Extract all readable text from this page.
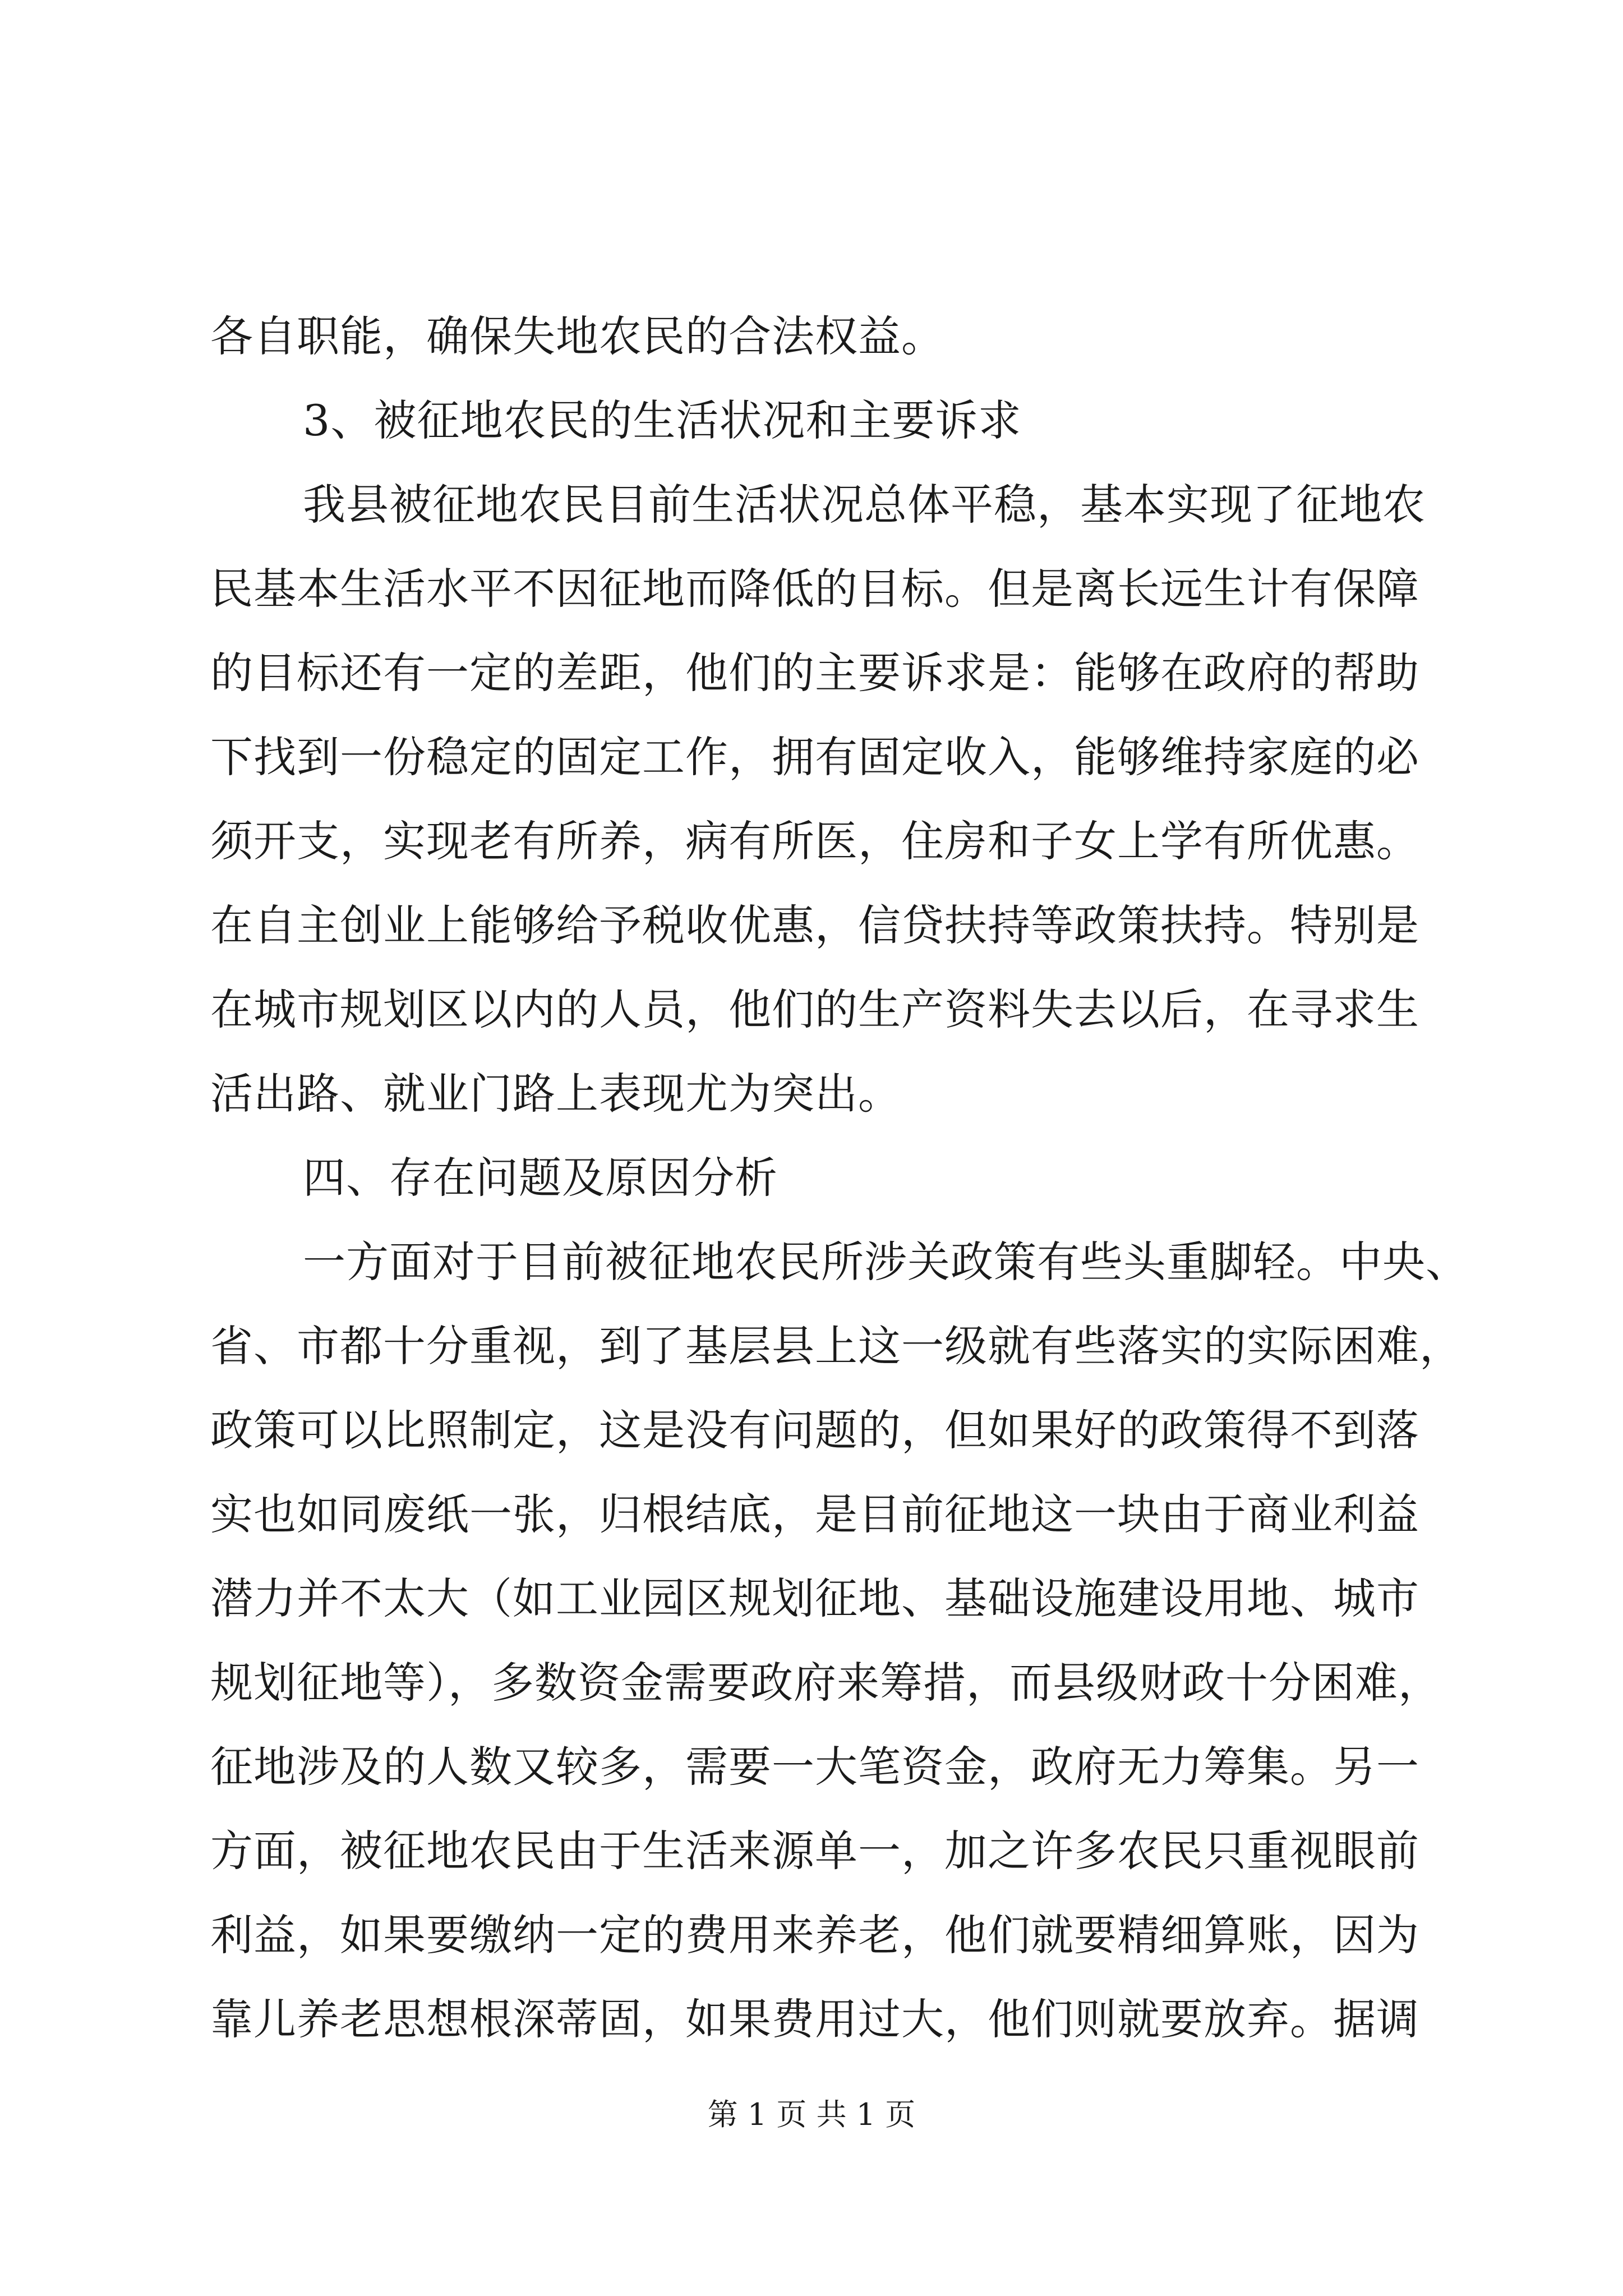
各自职能，确保失地农民的合法权益。
3、被征地农民的生活状况和主要诉求
我县被征地农民目前生活状况总体平稳，基本实现了征地农
民基本生活水平不因征地而降低的目标。但是离长远生计有保障
的目标还有一定的差距，他们的主要诉求是：能够在政府的帮助
下找到一份稳定的固定工作，拥有固定收入，能够维持家庭的必
须开支，实现老有所养，病有所医，住房和子女上学有所优惠。
在自主创业上能够给予税收优惠，信贷扶持等政策扶持。特别是
在城市规划区以内的人员，他们的生产资料失去以后，在寻求生
活出路、就业门路上表现尤为突出。
四、存在问题及原因分析
一方面对于目前被征地农民所涉关政策有些头重脚轻。中央、
省、市都十分重视，到了基层县上这一级就有些落实的实际困难，
政策可以比照制定，这是没有问题的，但如果好的政策得不到落
实也如同废纸一张，归根结底，是目前征地这一块由于商业利益
潜力并不太大（如工业园区规划征地、基础设施建设用地、城市
规划征地等），多数资金需要政府来筹措，而县级财政十分困难，
征地涉及的人数又较多，需要一大笔资金，政府无力筹集。另一
方面，被征地农民由于生活来源单一，加之许多农民只重视眼前
利益，如果要缴纳一定的费用来养老，他们就要精细算账，因为
靠儿养老思想根深蒂固，如果费用过大，他们则就要放弃。据调
第 1 页 共 1 页
